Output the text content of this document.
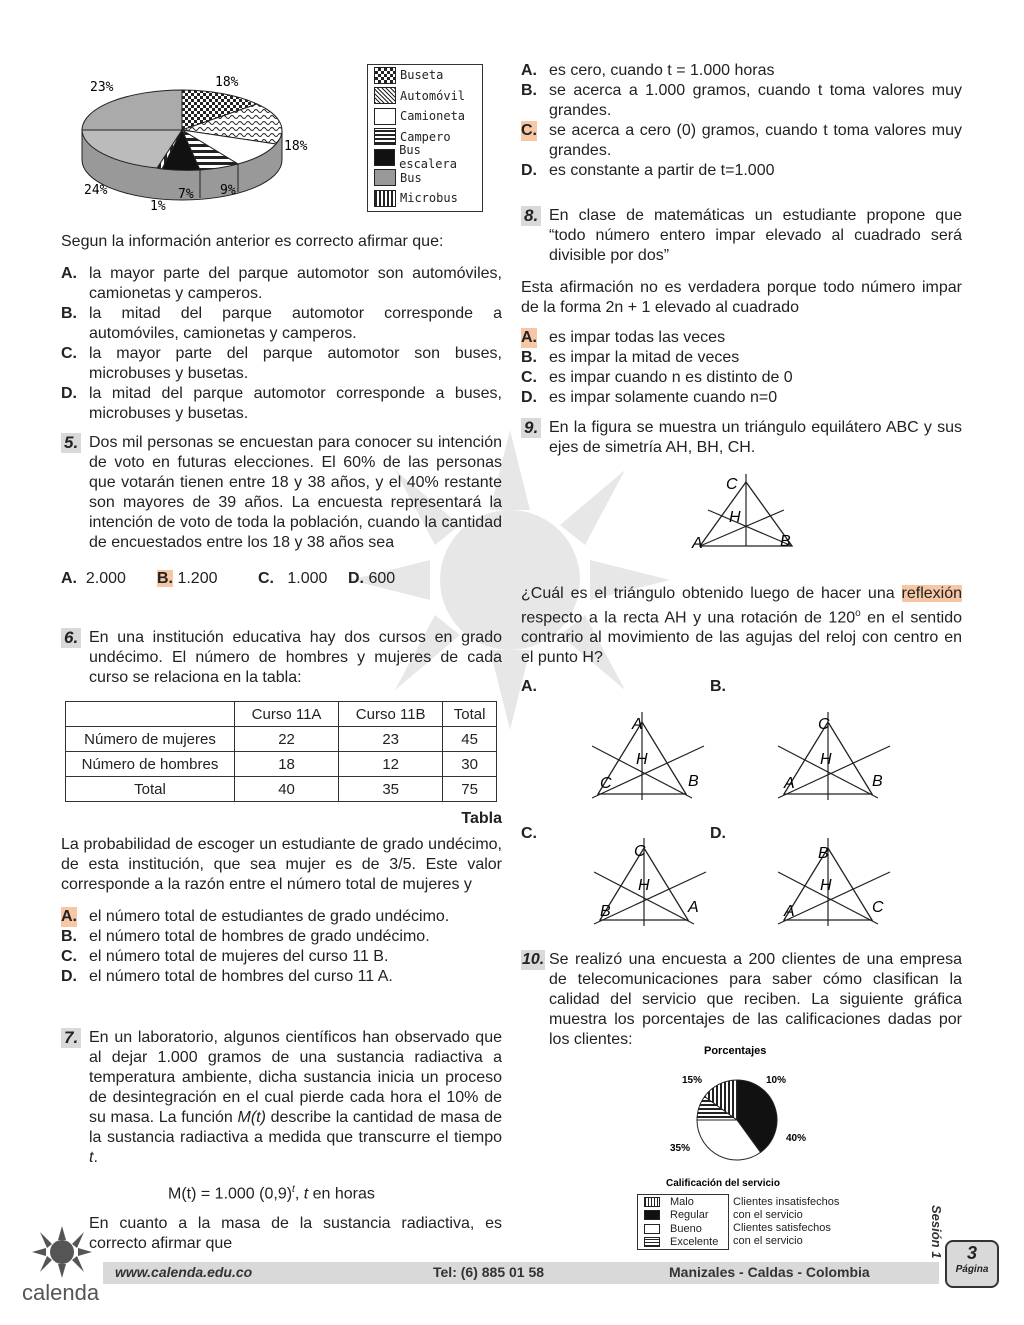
23%	18%
18%
9%
7%
1%
24%
Buseta
Automóvil
Camioneta
Campero
Bus escalera
Bus
Microbus

Segun la información anterior es correcto afirmar que:

A. la mayor parte del parque automotor son automóviles, camionetas y camperos.
B. la mitad del parque automotor corresponde a automóviles, camionetas y camperos.
C. la mayor parte del parque automotor son buses, microbuses y busetas.
D. la mitad del parque automotor corresponde a buses, microbuses y busetas.
5. Dos mil personas se encuestan para conocer su intención de voto en futuras elecciones. El 60% de las personas que votarán tienen entre 18 y 38 años, y el 40% restante son mayores de 39 años. La encuesta representará la intención de voto de toda la población, cuando la cantidad de encuestados entre los 18 y 38 años sea
A. 2.000 B. 1.200	C. 1.000 D. 600
6. En una institución educativa hay dos cursos en grado undécimo. El número de hombres y mujeres de cada curso se relaciona en la tabla:
	Curso 11A	Curso 11B	Total
Número de mujeres	22	23	45
Número de hombres	18	12	30
Total	40	35	75
Tabla

La probabilidad de escoger un estudiante de grado undécimo, de esta institución, que sea mujer es de 3/5. Este valor corresponde a la razón entre el número total de mujeres y

A. el número total de estudiantes de grado undécimo.
B. el número total de hombres de grado undécimo.
C. el número total de mujeres del curso 11 B.
D. el número total de hombres del curso 11 A.
7. En un laboratorio, algunos científicos han observado que al dejar 1.000 gramos de una sustancia radiactiva a temperatura ambiente, dicha sustancia inicia un proceso de desintegración en el cual pierde cada hora el 10% de su masa. La función M(t) describe la cantidad de masa de la sustancia radiactiva a medida que transcurre el tiempo t.
M(t) = 1.000 $(0,9)^t$, t en horas
En cuanto a la masa de la sustancia radiactiva, es correcto afirmar que
A. es cero, cuando t = 1.000 horas
B. se acerca a 1.000 gramos, cuando t toma valores muy grandes.
C. se acerca a cero (0) gramos, cuando t toma valores muy grandes.
D. es constante a partir de t=1.000
8. En clase de matemáticas un estudiante propone que “todo número entero impar elevado al cuadrado será divisible por dos”

Esta afirmación no es verdadera porque todo número impar de la forma 2n + 1 elevado al cuadrado

A. es impar todas las veces
B. es impar la mitad de veces
C. es impar cuando n es distinto de 0
D. es impar solamente cuando n=0
9. En la figura se muestra un triángulo equilátero ABC y sus ejes de simetría AH, BH, CH.
C
H
A	B

¿Cuál es el triángulo obtenido luego de hacer una reflexión respecto a la recta AH y una rotación de 120$^o$ en el sentido contrario al movimiento de las agujas del reloj con centro en el punto H?

A.	B.
C.	D.
A
H
C	B
C
H
A	B
C
H
B	A
B
H
A	C
10. Se realizó una encuesta a 200 clientes de una empresa de telecomunicaciones para saber cómo clasifican la calidad del servicio que reciben. La siguiente gráfica muestra los porcentajes de las calificaciones dadas por los clientes:
Porcentajes
15%	10%
40%
35%
Calificación del servicio
Malo
Regular
Bueno
Excelente
Clientes insatisfechos
con el servicio
Clientes satisfechos
con el servicio	Sesión 1	3
Página
www.calenda.edu.co	Tel: (6) 885 01 58	Manizales - Caldas - Colombia
calenda
